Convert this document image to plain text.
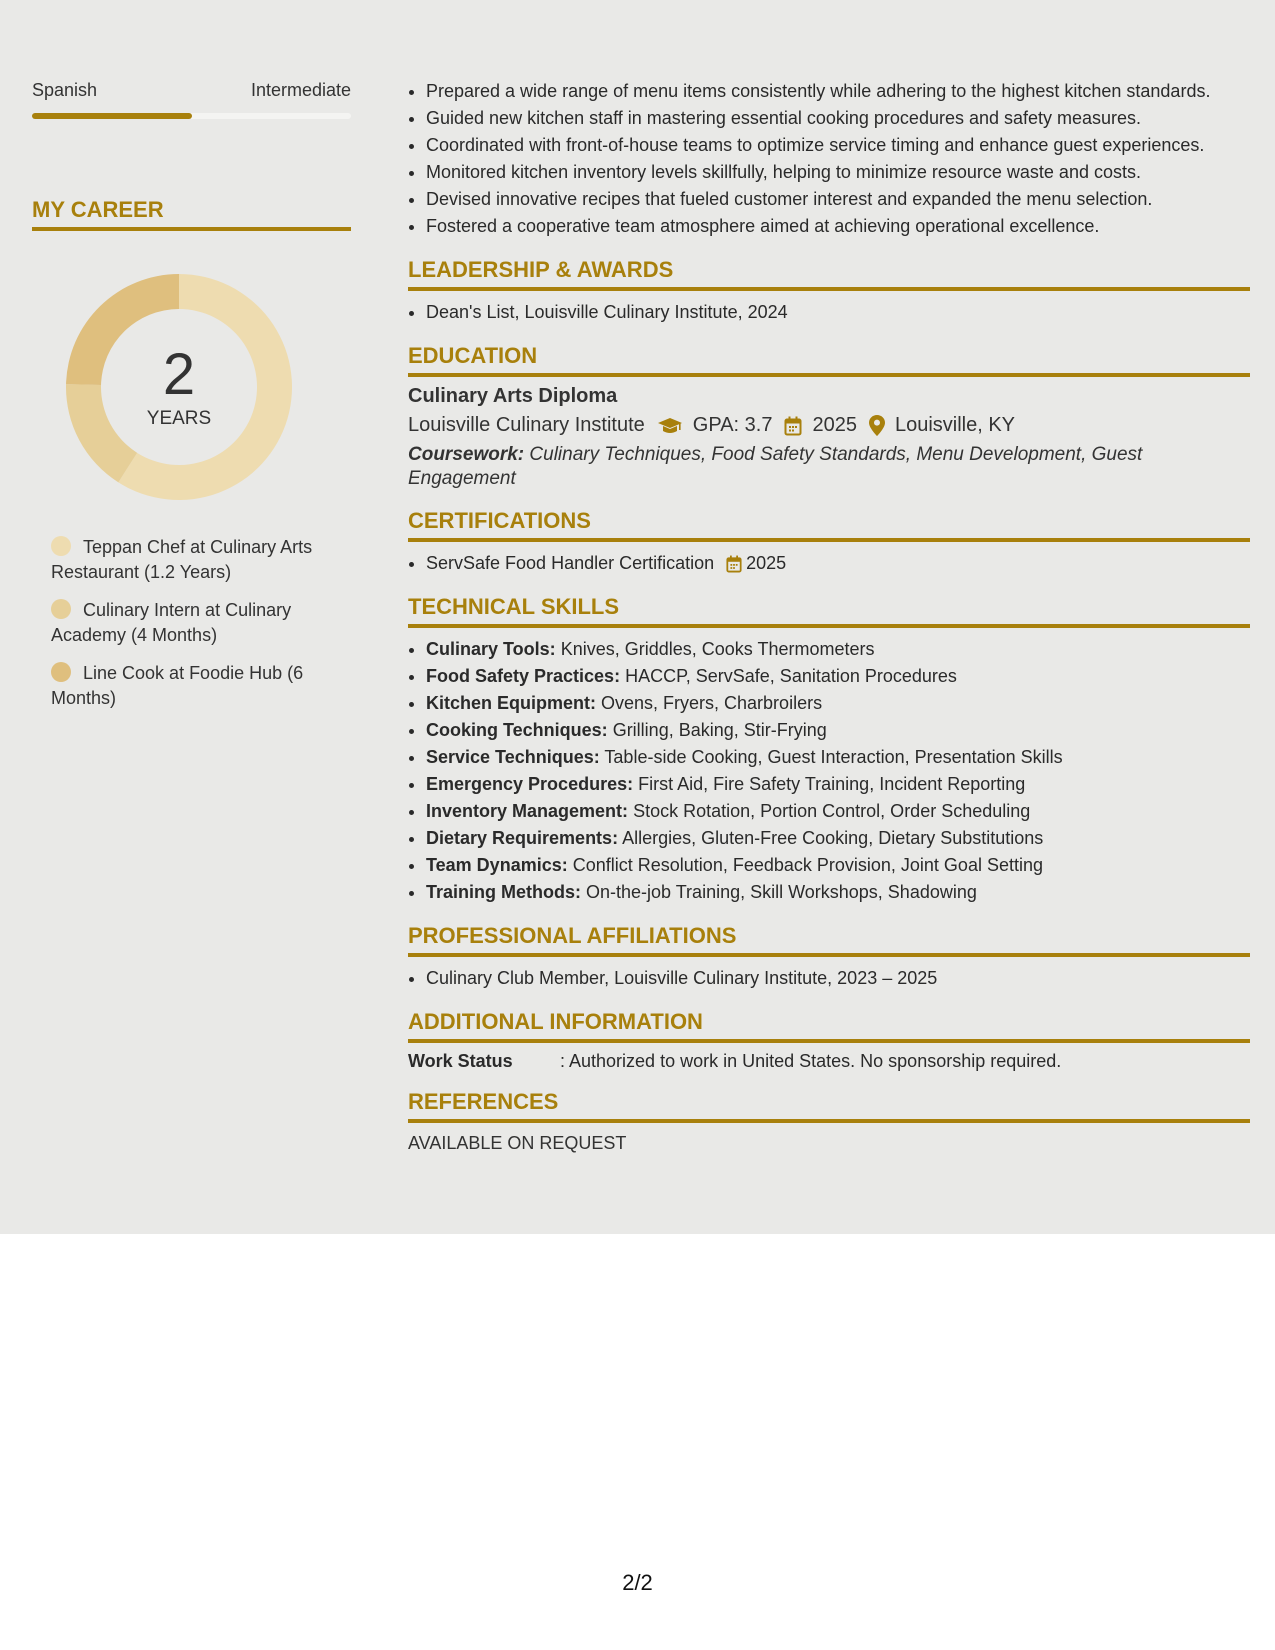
Spanish	Intermediate
MY CAREER
2
YEARS
Teppan Chef at Culinary Arts Restaurant (1.2 Years)
Culinary Intern at Culinary Academy (4 Months)
Line Cook at Foodie Hub (6 Months)
• Prepared a wide range of menu items consistently while adhering to the highest kitchen standards.
• Guided new kitchen staff in mastering essential cooking procedures and safety measures.
• Coordinated with front-of-house teams to optimize service timing and enhance guest experiences.
• Monitored kitchen inventory levels skillfully, helping to minimize resource waste and costs.
• Devised innovative recipes that fueled customer interest and expanded the menu selection.
• Fostered a cooperative team atmosphere aimed at achieving operational excellence.
LEADERSHIP & AWARDS
• Dean's List, Louisville Culinary Institute, 2024
EDUCATION
Culinary Arts Diploma
Louisville Culinary Institute GPA: 3.7 2025 Louisville, KY
Coursework: Culinary Techniques, Food Safety Standards, Menu Development, Guest Engagement
CERTIFICATIONS
• ServSafe Food Handler Certification 2025
TECHNICAL SKILLS
• Culinary Tools: Knives, Griddles, Cooks Thermometers
• Food Safety Practices: HACCP, ServSafe, Sanitation Procedures
• Kitchen Equipment: Ovens, Fryers, Charbroilers
• Cooking Techniques: Grilling, Baking, Stir-Frying
• Service Techniques: Table-side Cooking, Guest Interaction, Presentation Skills
• Emergency Procedures: First Aid, Fire Safety Training, Incident Reporting
• Inventory Management: Stock Rotation, Portion Control, Order Scheduling
• Dietary Requirements: Allergies, Gluten-Free Cooking, Dietary Substitutions
• Team Dynamics: Conflict Resolution, Feedback Provision, Joint Goal Setting
• Training Methods: On-the-job Training, Skill Workshops, Shadowing
PROFESSIONAL AFFILIATIONS
• Culinary Club Member, Louisville Culinary Institute, 2023 – 2025
ADDITIONAL INFORMATION
Work Status	: Authorized to work in United States. No sponsorship required.
REFERENCES
AVAILABLE ON REQUEST
2/2
